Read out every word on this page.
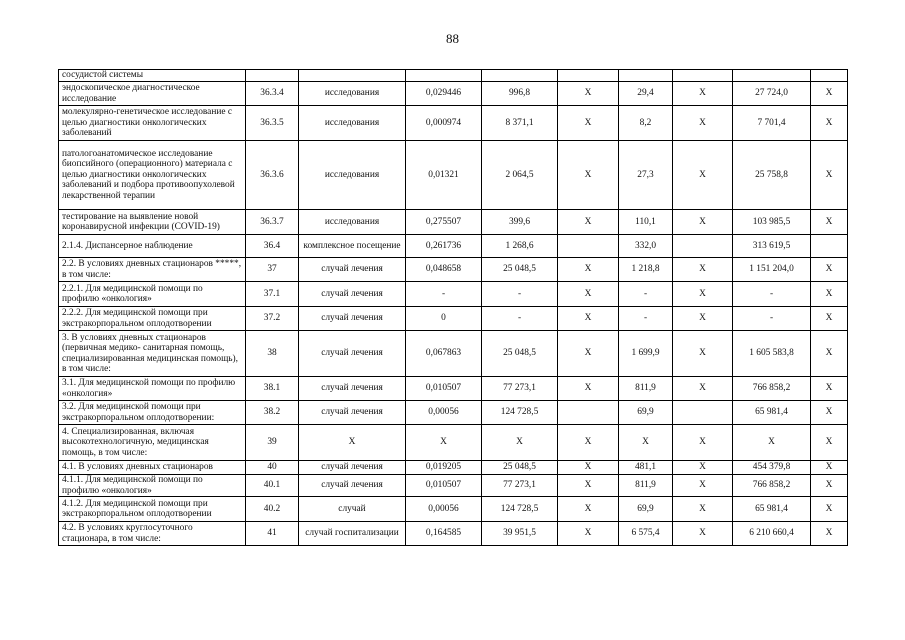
88
сосудистой системы									
эндоскопическое диагностическое исследование	36.3.4	исследования	0,029446	996,8	X	29,4	X	27 724,0	X
молекулярно-генетическое исследование с целью диагностики онкологических заболеваний	36.3.5	исследования	0,000974	8 371,1	X	8,2	X	7 701,4	X
патологоанатомическое исследование биопсийного (операционного) материала с целью диагностики онкологических заболеваний и подбора противоопухолевой лекарственной терапии	36.3.6	исследования	0,01321	2 064,5	X	27,3	X	25 758,8	X
тестирование на выявление новой коронавирусной инфекции (COVID-19)	36.3.7	исследования	0,275507	399,6	X	110,1	X	103 985,5	X
2.1.4. Диспансерное наблюдение	36.4	комплексное посещение	0,261736	1 268,6		332,0		313 619,5	
2.2. В условиях дневных стационаров *****, в том числе:	37	случай лечения	0,048658	25 048,5	X	1 218,8	X	1 151 204,0	X
2.2.1. Для медицинской помощи по профилю «онкология»	37.1	случай лечения	-	-	X	-	X	-	X
2.2.2. Для медицинской помощи при экстракорпоральном оплодотворении	37.2	случай лечения	0	-	X	-	X	-	X
3. В условиях дневных стационаров (первичная медико- санитарная помощь, специализированная медицинская помощь), в том числе:	38	случай лечения	0,067863	25 048,5	X	1 699,9	X	1 605 583,8	X
3.1. Для медицинской помощи по профилю «онкология»	38.1	случай лечения	0,010507	77 273,1	X	811,9	X	766 858,2	X
3.2. Для медицинской помощи при экстракорпоральном оплодотворении:	38.2	случай лечения	0,00056	124 728,5		69,9		65 981,4	X
4. Специализированная, включая высокотехнологичную, медицинская помощь, в том числе:	39	X	X	X	X	X	X	X	X
4.1. В условиях дневных стационаров	40	случай лечения	0,019205	25 048,5	X	481,1	X	454 379,8	X
4.1.1. Для медицинской помощи по профилю «онкология»	40.1	случай лечения	0,010507	77 273,1	X	811,9	X	766 858,2	X
4.1.2. Для медицинской помощи при экстракорпоральном оплодотворении	40.2	случай	0,00056	124 728,5	X	69,9	X	65 981,4	X
4.2. В условиях круглосуточного стационара, в том числе:	41	случай госпитализации	0,164585	39 951,5	X	6 575,4	X	6 210 660,4	X
